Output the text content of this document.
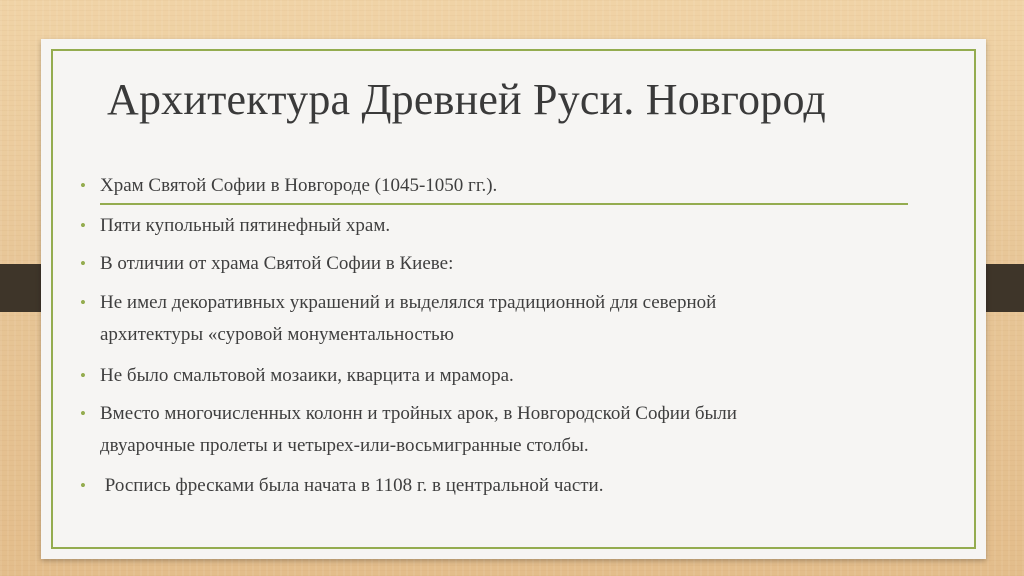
Архитектура Древней Руси. Новгород
• Храм Святой Софии в Новгороде (1045-1050 гг.).
• Пяти купольный пятинефный храм.
• В отличии от храма Святой Софии в Киеве:
• Не имел декоративных украшений и выделялся традиционной для северной
архитектуры «суровой монументальностью
• Не было смальтовой мозаики, кварцита и мрамора.
• Вместо многочисленных колонн и тройных арок, в Новгородской Софии были
двуарочные пролеты и четырех-или-восьмигранные столбы.
• Роспись фресками была начата в 1108 г. в центральной части.
